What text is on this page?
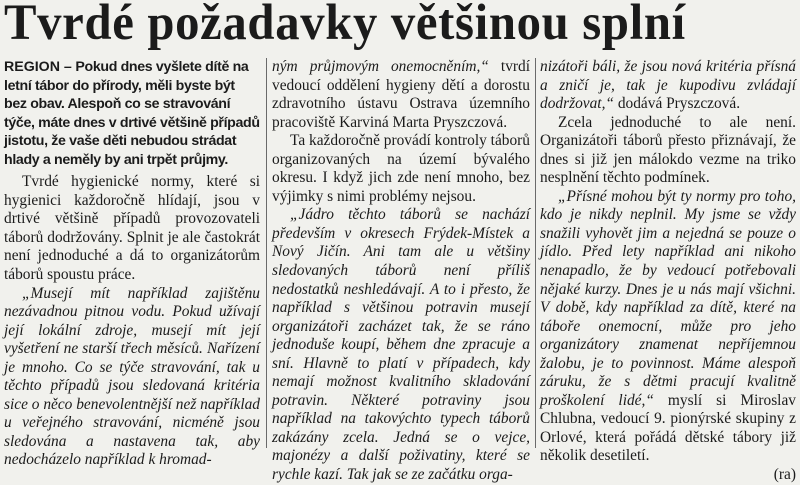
Tvrdé požadavky většinou splní

REGION – Pokud dnes vyšlete dítě na letní tábor do přírody, měli byste být bez obav. Alespoň co se stravování týče, máte dnes v drtivé většině případů jistotu, že vaše děti nebudou strádat hlady a neměly by ani trpět průjmy.

Tvrdé hygienické normy, které si hygienici každoročně hlídají, jsou v drtivé většině případů provozovateli táborů dodržovány. Splnit je ale častokrát není jednoduché a dá to organizátorům táborů spoustu práce.

„Musejí mít například zajištěnu nezávadnou pitnou vodu. Pokud užívají její lokální zdroje, musejí mít její vyšetření ne starší třech měsíců. Nařízení je mnoho. Co se týče stravování, tak u těchto případů jsou sledovaná kritéria sice o něco benevolentnější než například u veřejného stravování, nicméně jsou sledována a nastavena tak, aby nedocházelo například k hromad-

ným průjmovým onemocněním,“ tvrdí vedoucí oddělení hygieny dětí a dorostu zdravotního ústavu Ostrava územního pracoviště Karviná Marta Pryszczová.

Ta každoročně provádí kontroly táborů organizovaných na území bývalého okresu. I když jich zde není mnoho, bez výjimky s nimi problémy nejsou.

„Jádro těchto táborů se nachází především v okresech Frýdek-Místek a Nový Jičín. Ani tam ale u většiny sledovaných táborů není příliš nedostatků neshledávají. A to i přesto, že například s většinou potravin musejí organizátoři zacházet tak, že se ráno jednoduše koupí, během dne zpracuje a sní. Hlavně to platí v případech, kdy nemají možnost kvalitního skladování potravin. Některé potraviny jsou například na takovýchto typech táborů zakázány zcela. Jedná se o vejce, majonézy a další poživatiny, které se rychle kazí. Tak jak se ze začátku orga-

nizátoři báli, že jsou nová kritéria přísná a zničí je, tak je kupodivu zvládají dodržovat,“ dodává Pryszczová.

Zcela jednoduché to ale není. Organizátoři táborů přesto přiznávají, že dnes si již jen málokdo vezme na triko nesplnění těchto podmínek.

„Přísné mohou být ty normy pro toho, kdo je nikdy neplnil. My jsme se vždy snažili vyhovět jim a nejedná se pouze o jídlo. Před lety například ani nikoho nenapadlo, že by vedoucí potřebovali nějaké kurzy. Dnes je u nás mají všichni. V době, kdy například za dítě, které na táboře onemocní, může pro jeho organizátory znamenat nepříjemnou žalobu, je to povinnost. Máme alespoň záruku, že s dětmi pracují kvalitně proškolení lidé,“ myslí si Miroslav Chlubna, vedoucí 9. pionýrské skupiny z Orlové, která pořádá dětské tábory již několik desetiletí.

(ra)
